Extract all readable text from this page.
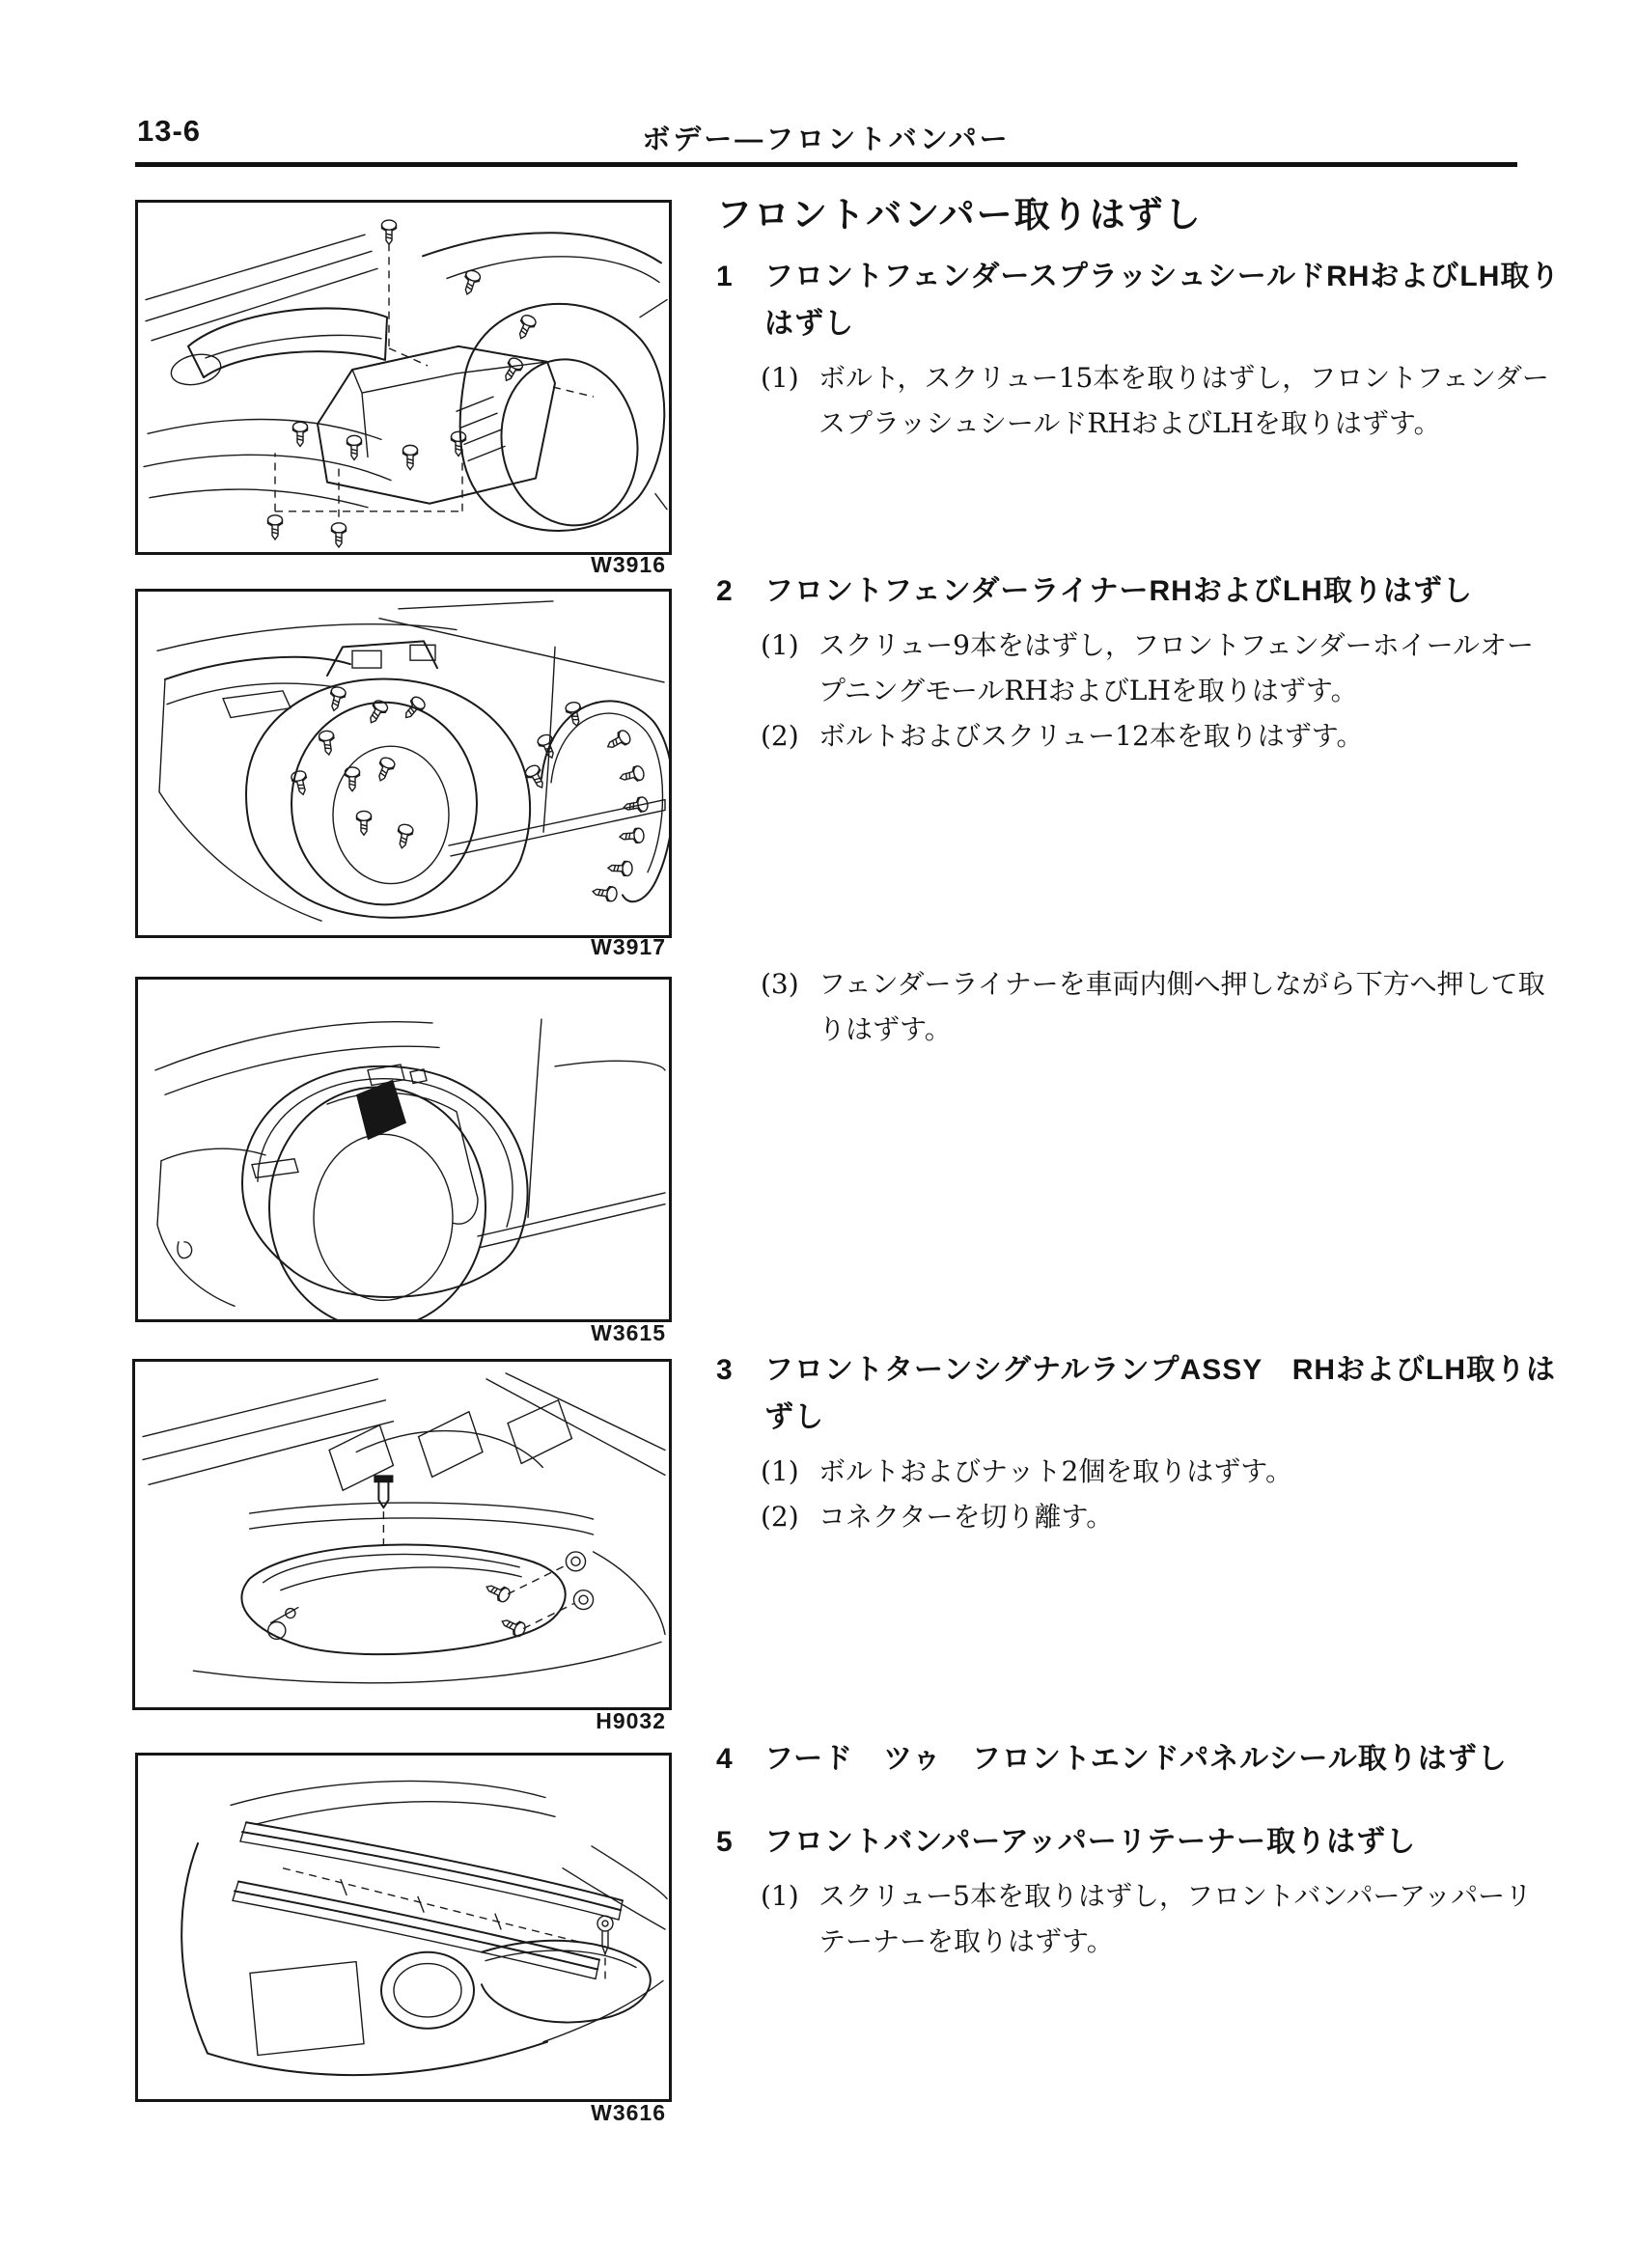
13-6	ボデー―フロントバンパー
W3916
W3917
W3615
H9032
W3616
フロントバンパー取りはずし
1	フロントフェンダースプラッシュシールドRHおよびLH取りはずし
(1) ボルト，スクリュー15本を取りはずし，フロントフェンダースプラッシュシールドRHおよびLHを取りはずす。
2	フロントフェンダーライナーRHおよびLH取りはずし
(1) スクリュー9本をはずし，フロントフェンダーホイールオープニングモールRHおよびLHを取りはずす。
(2) ボルトおよびスクリュー12本を取りはずす。
(3) フェンダーライナーを車両内側へ押しながら下方へ押して取りはずす。
3	フロントターンシグナルランプASSY　RHおよびLH取りはずし
(1) ボルトおよびナット2個を取りはずす。
(2) コネクターを切り離す。
4	フード　ツゥ　フロントエンドパネルシール取りはずし
5	フロントバンパーアッパーリテーナー取りはずし
(1) スクリュー5本を取りはずし，フロントバンパーアッパーリテーナーを取りはずす。
